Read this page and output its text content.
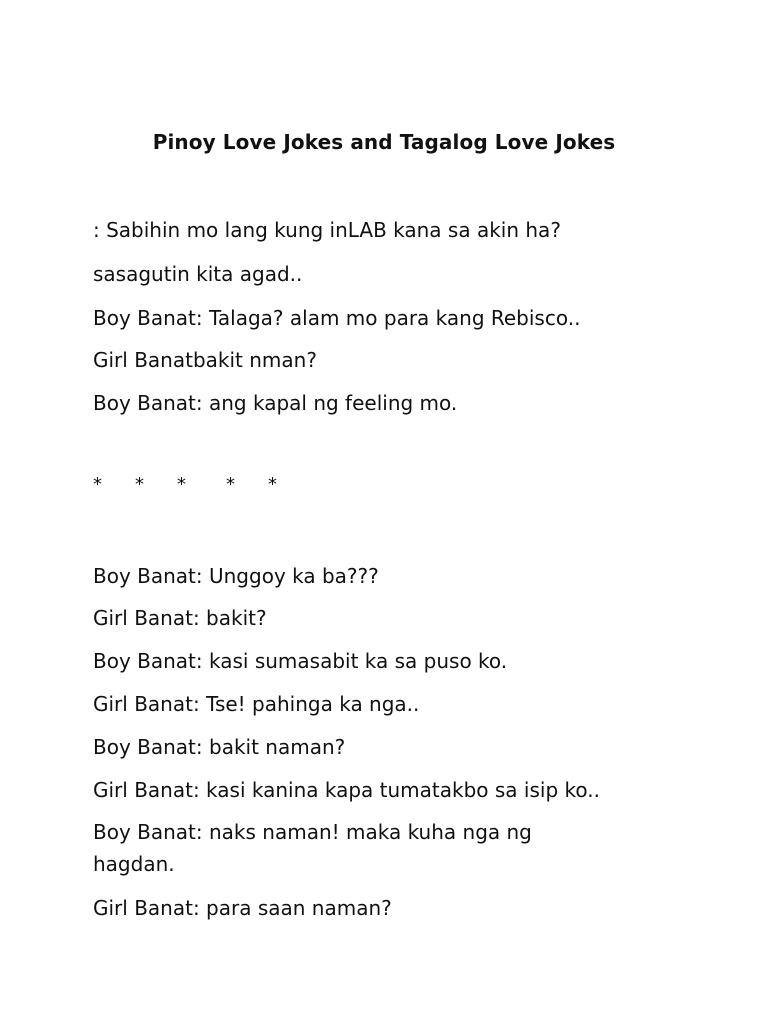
Pinoy Love Jokes and Tagalog Love Jokes
: Sabihin mo lang kung inLAB kana sa akin ha?
sasagutin kita agad..
Boy Banat: Talaga? alam mo para kang Rebisco..
Girl Banatbakit nman?
Boy Banat: ang kapal ng feeling mo.
* * * * *
Boy Banat: Unggoy ka ba???
Girl Banat: bakit?
Boy Banat: kasi sumasabit ka sa puso ko.
Girl Banat: Tse! pahinga ka nga..
Boy Banat: bakit naman?
Girl Banat: kasi kanina kapa tumatakbo sa isip ko..
Boy Banat: naks naman! maka kuha nga ng
hagdan.
Girl Banat: para saan naman?
